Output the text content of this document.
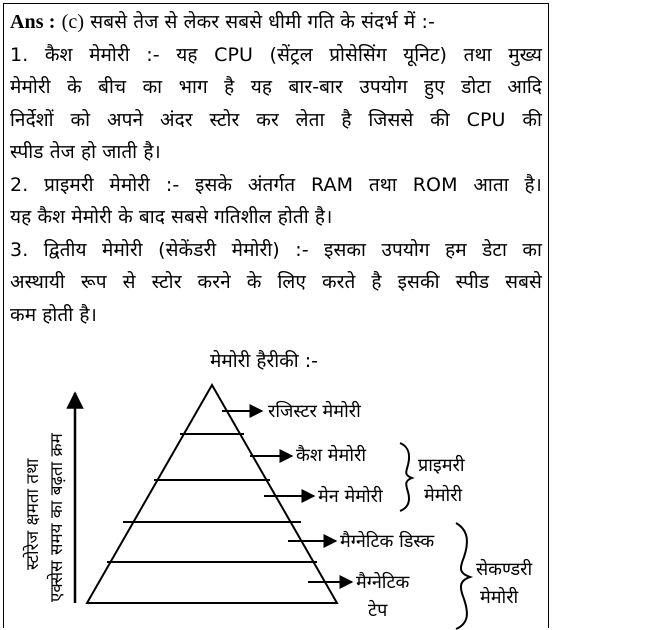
Ans : (c) सबसे तेज से लेकर सबसे धीमी गति के संदर्भ में :-
1. कैश मेमोरी :- यह CPU (सेंट्रल प्रोसेसिंग यूनिट) तथा मुख्य
मेमोरी के बीच का भाग है यह बार-बार उपयोग हुए डोटा आदि
निर्देशों को अपने अंदर स्टोर कर लेता है जिससे की CPU की
स्पीड तेज हो जाती है।
2. प्राइमरी मेमोरी :- इसके अंतर्गत RAM तथा ROM आता है।
यह कैश मेमोरी के बाद सबसे गतिशील होती है।
3. द्वितीय मेमोरी (सेकेंडरी मेमोरी) :- इसका उपयोग हम डेटा का
अस्थायी रूप से स्टोर करने के लिए करते है इसकी स्पीड सबसे
कम होती है।
मेमोरी हैरीकी :-
स्टोरेज क्षमता तथा एक्सेस समय का बढ़ता क्रम
रजिस्टर मेमोरी
कैश मेमोरी
मेन मेमोरी
मैग्नेटिक डिस्क
मैग्नेटिक
टेप
प्राइमरी
मेमोरी
सेकण्डरी
मेमोरी
